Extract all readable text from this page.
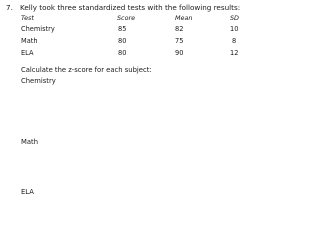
7. Kelly took three standardized tests with the following results:
Test	Score	Mean	SD
Chemistry	85	82	10
Math	80	75	8
ELA	80	90	12
Calculate the z-score for each subject:
Chemistry
Math
ELA
